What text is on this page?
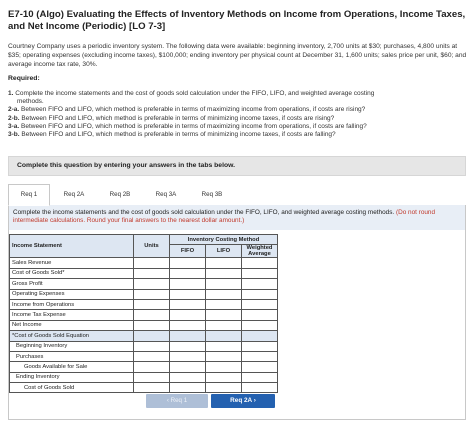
E7-10 (Algo) Evaluating the Effects of Inventory Methods on Income from Operations, Income Taxes, and Net Income (Periodic) [LO 7-3]
Courtney Company uses a periodic inventory system. The following data were available: beginning inventory, 2,700 units at $30; purchases, 4,800 units at $35; operating expenses (excluding income taxes), $100,000; ending inventory per physical count at December 31, 1,600 units; sales price per unit, $60; and average income tax rate, 30%.
Required:
1. Complete the income statements and the cost of goods sold calculation under the FIFO, LIFO, and weighted average costing
methods.
2-a. Between FIFO and LIFO, which method is preferable in terms of maximizing income from operations, if costs are rising?
2-b. Between FIFO and LIFO, which method is preferable in terms of minimizing income taxes, if costs are rising?
3-a. Between FIFO and LIFO, which method is preferable in terms of maximizing income from operations, if costs are falling?
3-b. Between FIFO and LIFO, which method is preferable in terms of minimizing income taxes, if costs are falling?
Complete this question by entering your answers in the tabs below.
Req 1	Req 2A	Req 2B	Req 3A	Req 3B
Complete the income statements and the cost of goods sold calculation under the FIFO, LIFO, and weighted average costing methods. (Do not round intermediate calculations. Round your final answers to the nearest dollar amount.)
Income Statement	Units	Inventory Costing Method		
		FIFO	LIFO	Weighted
Average
Sales Revenue				
Cost of Goods Sold*				
Gross Profit				
Operating Expenses				
Income from Operations				
Income Tax Expense				
Net Income				
*Cost of Goods Sold Equation				
Beginning Inventory				
Purchases				
Goods Available for Sale				
Ending Inventory				
Cost of Goods Sold				
‹ Req 1	Req 2A ›
